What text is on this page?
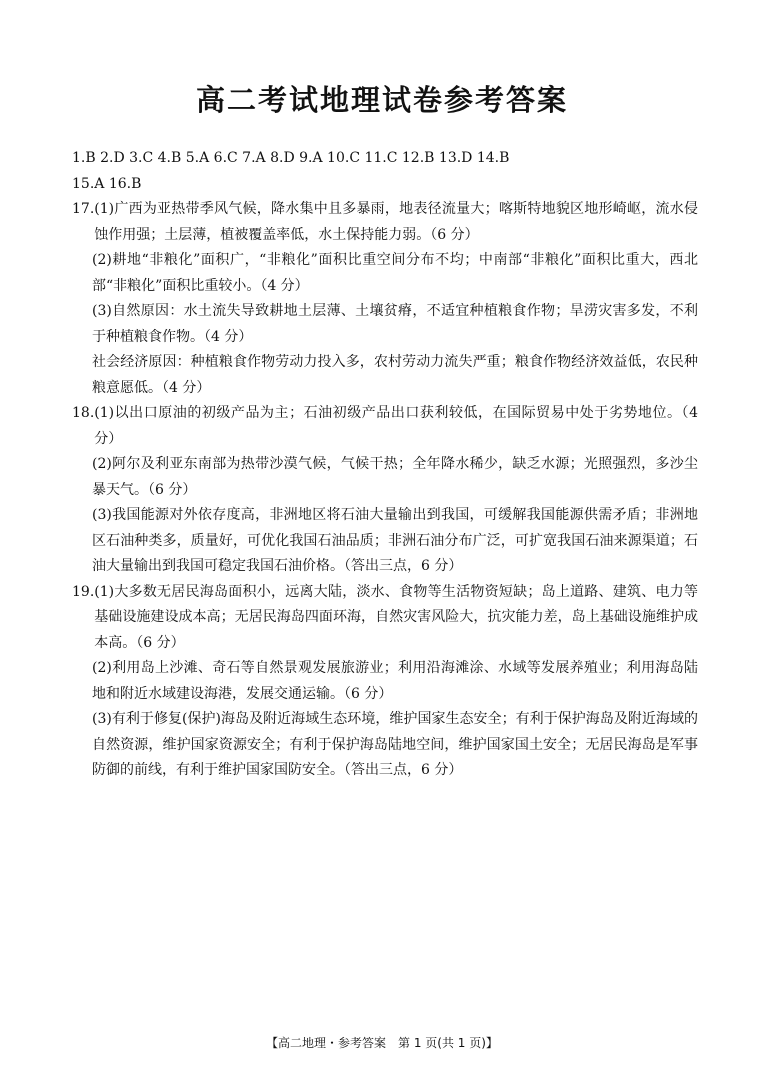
高二考试地理试卷参考答案
1.B 2.D 3.C 4.B 5.A 6.C 7.A 8.D 9.A 10.C 11.C 12.B 13.D 14.B
15.A 16.B
17. (1)广西为亚热带季风气候，降水集中且多暴雨，地表径流量大；喀斯特地貌区地形崎岖，流水侵蚀作用强；土层薄，植被覆盖率低，水土保持能力弱。（6 分）
(2)耕地“非粮化”面积广，“非粮化”面积比重空间分布不均；中南部“非粮化”面积比重大，西北部“非粮化”面积比重较小。（4 分）
(3)自然原因：水土流失导致耕地土层薄、土壤贫瘠，不适宜种植粮食作物；旱涝灾害多发，不利于种植粮食作物。（4 分）
社会经济原因：种植粮食作物劳动力投入多，农村劳动力流失严重；粮食作物经济效益低，农民种粮意愿低。（4 分）
18. (1)以出口原油的初级产品为主；石油初级产品出口获利较低，在国际贸易中处于劣势地位。（4 分）
(2)阿尔及利亚东南部为热带沙漠气候，气候干热；全年降水稀少，缺乏水源；光照强烈，多沙尘暴天气。（6 分）
(3)我国能源对外依存度高，非洲地区将石油大量输出到我国，可缓解我国能源供需矛盾；非洲地区石油种类多，质量好，可优化我国石油品质；非洲石油分布广泛，可扩宽我国石油来源渠道；石油大量输出到我国可稳定我国石油价格。（答出三点，6 分）
19. (1)大多数无居民海岛面积小，远离大陆，淡水、食物等生活物资短缺；岛上道路、建筑、电力等基础设施建设成本高；无居民海岛四面环海，自然灾害风险大，抗灾能力差，岛上基础设施维护成本高。（6 分）
(2)利用岛上沙滩、奇石等自然景观发展旅游业；利用沿海滩涂、水域等发展养殖业；利用海岛陆地和附近水域建设海港，发展交通运输。（6 分）
(3)有利于修复(保护)海岛及附近海域生态环境，维护国家生态安全；有利于保护海岛及附近海域的自然资源，维护国家资源安全；有利于保护海岛陆地空间，维护国家国土安全；无居民海岛是军事防御的前线，有利于维护国家国防安全。（答出三点，6 分）
【高二地理・参考答案　第 1 页(共 1 页)】
